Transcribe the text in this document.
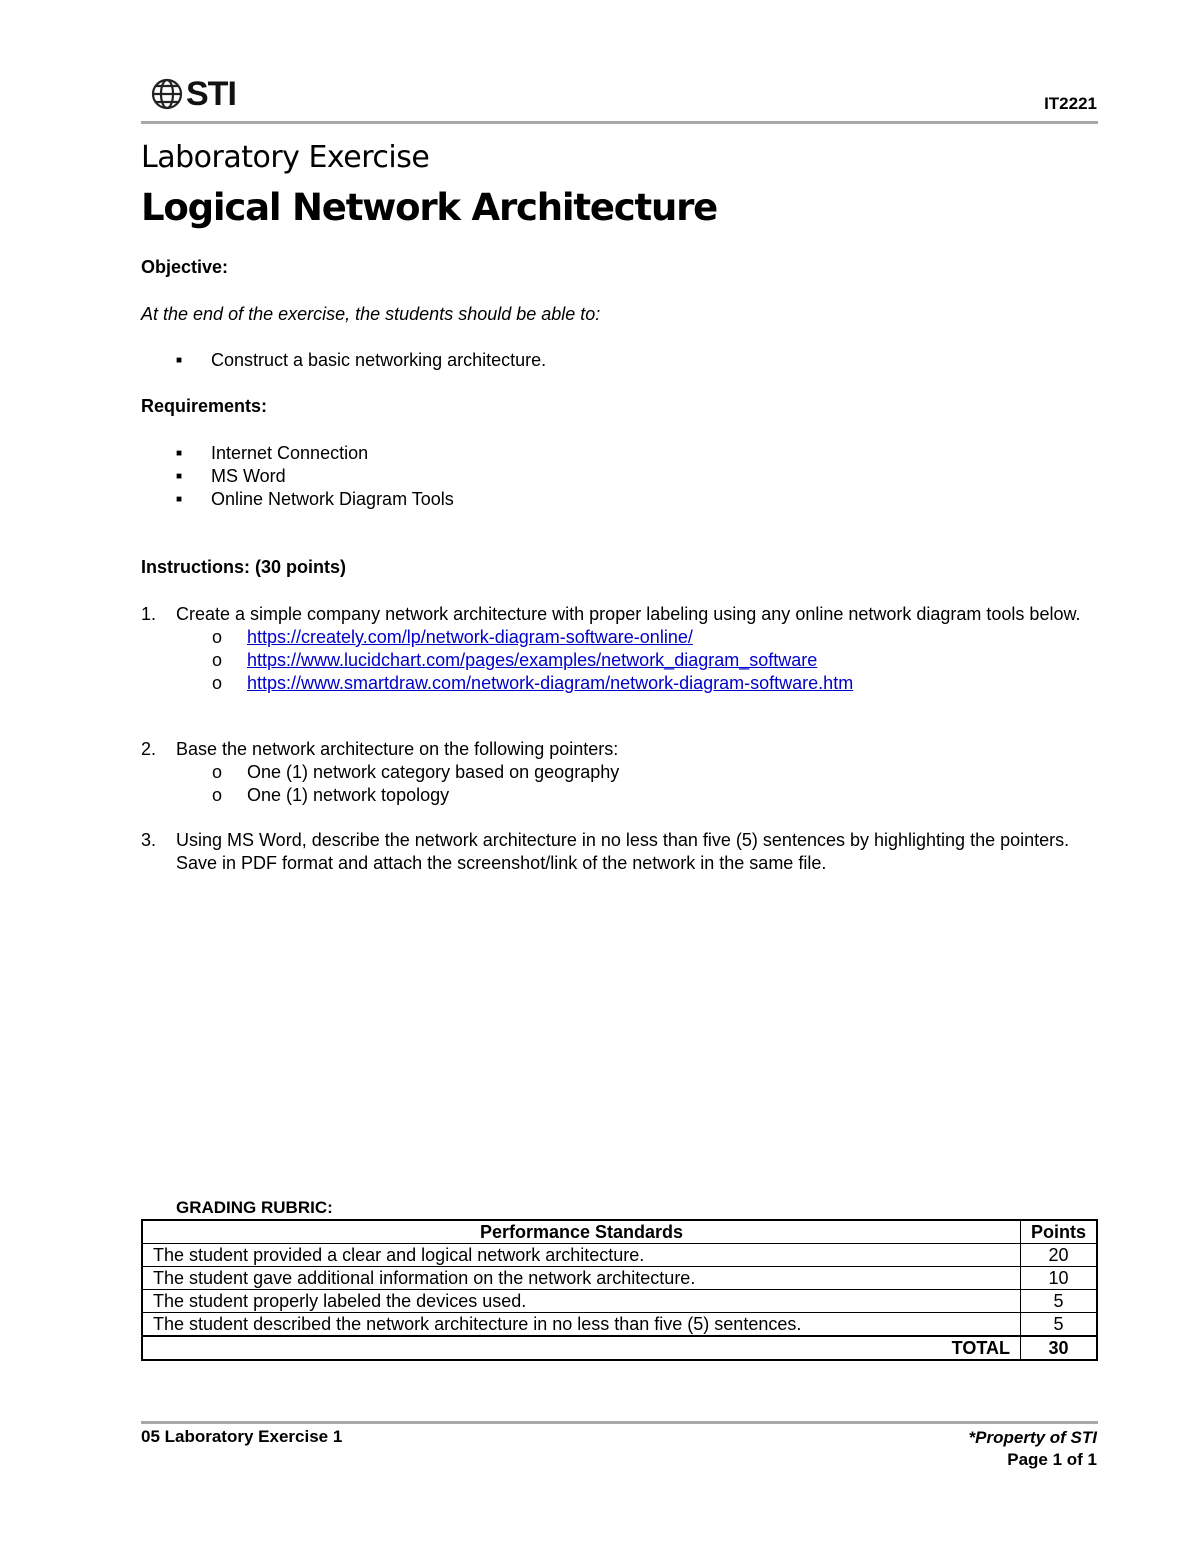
STI	IT2221
Laboratory Exercise
Logical Network Architecture
Objective:
At the end of the exercise, the students should be able to:
■	Construct a basic networking architecture.
Requirements:
■	Internet Connection
■	MS Word
■	Online Network Diagram Tools
Instructions: (30 points)
1.	Create a simple company network architecture with proper labeling using any online network diagram tools below.
o	https://creately.com/lp/network-diagram-software-online/
o	https://www.lucidchart.com/pages/examples/network_diagram_software
o	https://www.smartdraw.com/network-diagram/network-diagram-software.htm
2.	Base the network architecture on the following pointers:
o	One (1) network category based on geography
o	One (1) network topology
3.	Using MS Word, describe the network architecture in no less than five (5) sentences by highlighting the pointers. Save in PDF format and attach the screenshot/link of the network in the same file.
GRADING RUBRIC:
Performance Standards	Points
The student provided a clear and logical network architecture.	20
The student gave additional information on the network architecture.	10
The student properly labeled the devices used.	5
The student described the network architecture in no less than five (5) sentences.	5
TOTAL	30
05 Laboratory Exercise 1	*Property of STI
Page 1 of 1
